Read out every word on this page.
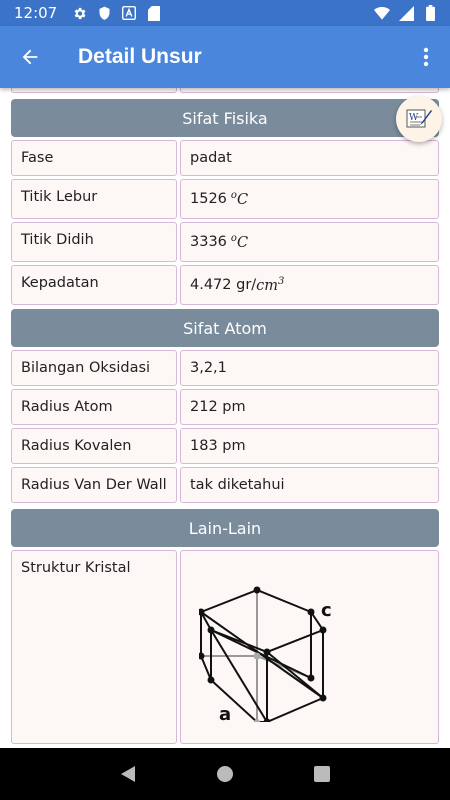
12:07
Detail Unsur
Sifat Fisika
Fase	padat
Titik Lebur	1526 $^o$C
Titik Didih	3336 $^o$C
Kepadatan	4.472 gr/ $cm^3$
Sifat Atom
Bilangan Oksidasi	3,2,1
Radius Atom	212 pm
Radius Kovalen	183 pm
Radius Van Der Wall	tak diketahui
Lain-Lain
Struktur Kristal
c
a
W
